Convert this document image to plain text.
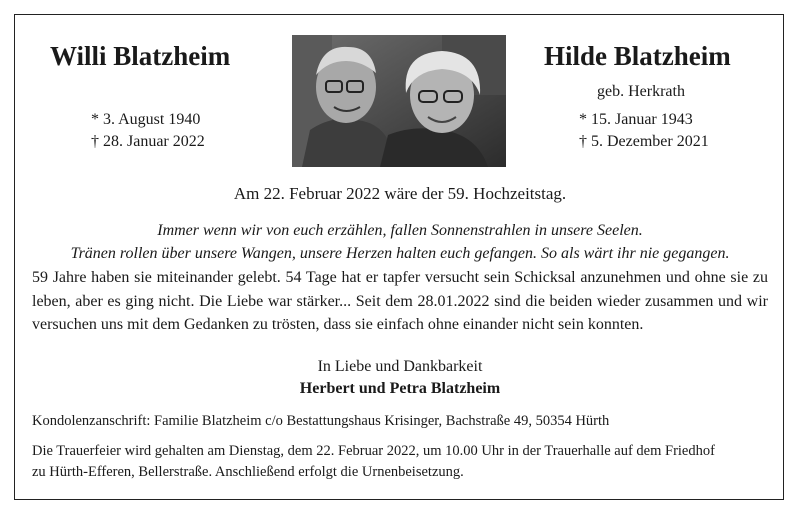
Willi Blatzheim
* 3. August 1940
† 28. Januar 2022
Hilde Blatzheim
geb. Herkrath
* 15. Januar 1943
† 5. Dezember 2021
Am 22. Februar 2022 wäre der 59. Hochzeitstag.
Immer wenn wir von euch erzählen, fallen Sonnenstrahlen in unsere Seelen.
Tränen rollen über unsere Wangen, unsere Herzen halten euch gefangen. So als wärt ihr nie gegangen.
59 Jahre haben sie miteinander gelebt. 54 Tage hat er tapfer versucht sein Schicksal anzunehmen und ohne sie zu leben, aber es ging nicht. Die Liebe war stärker... Seit dem 28.01.2022 sind die beiden wieder zusammen und wir versuchen uns mit dem Gedanken zu trösten, dass sie einfach ohne einander nicht sein konnten.
In Liebe und Dankbarkeit
Herbert und Petra Blatzheim
Kondolenzanschrift: Familie Blatzheim c/o Bestattungshaus Krisinger, Bachstraße 49, 50354 Hürth
Die Trauerfeier wird gehalten am Dienstag, dem 22. Februar 2022, um 10.00 Uhr in der Trauerhalle auf dem Friedhof
zu Hürth-Efferen, Bellerstraße. Anschließend erfolgt die Urnenbeisetzung.
